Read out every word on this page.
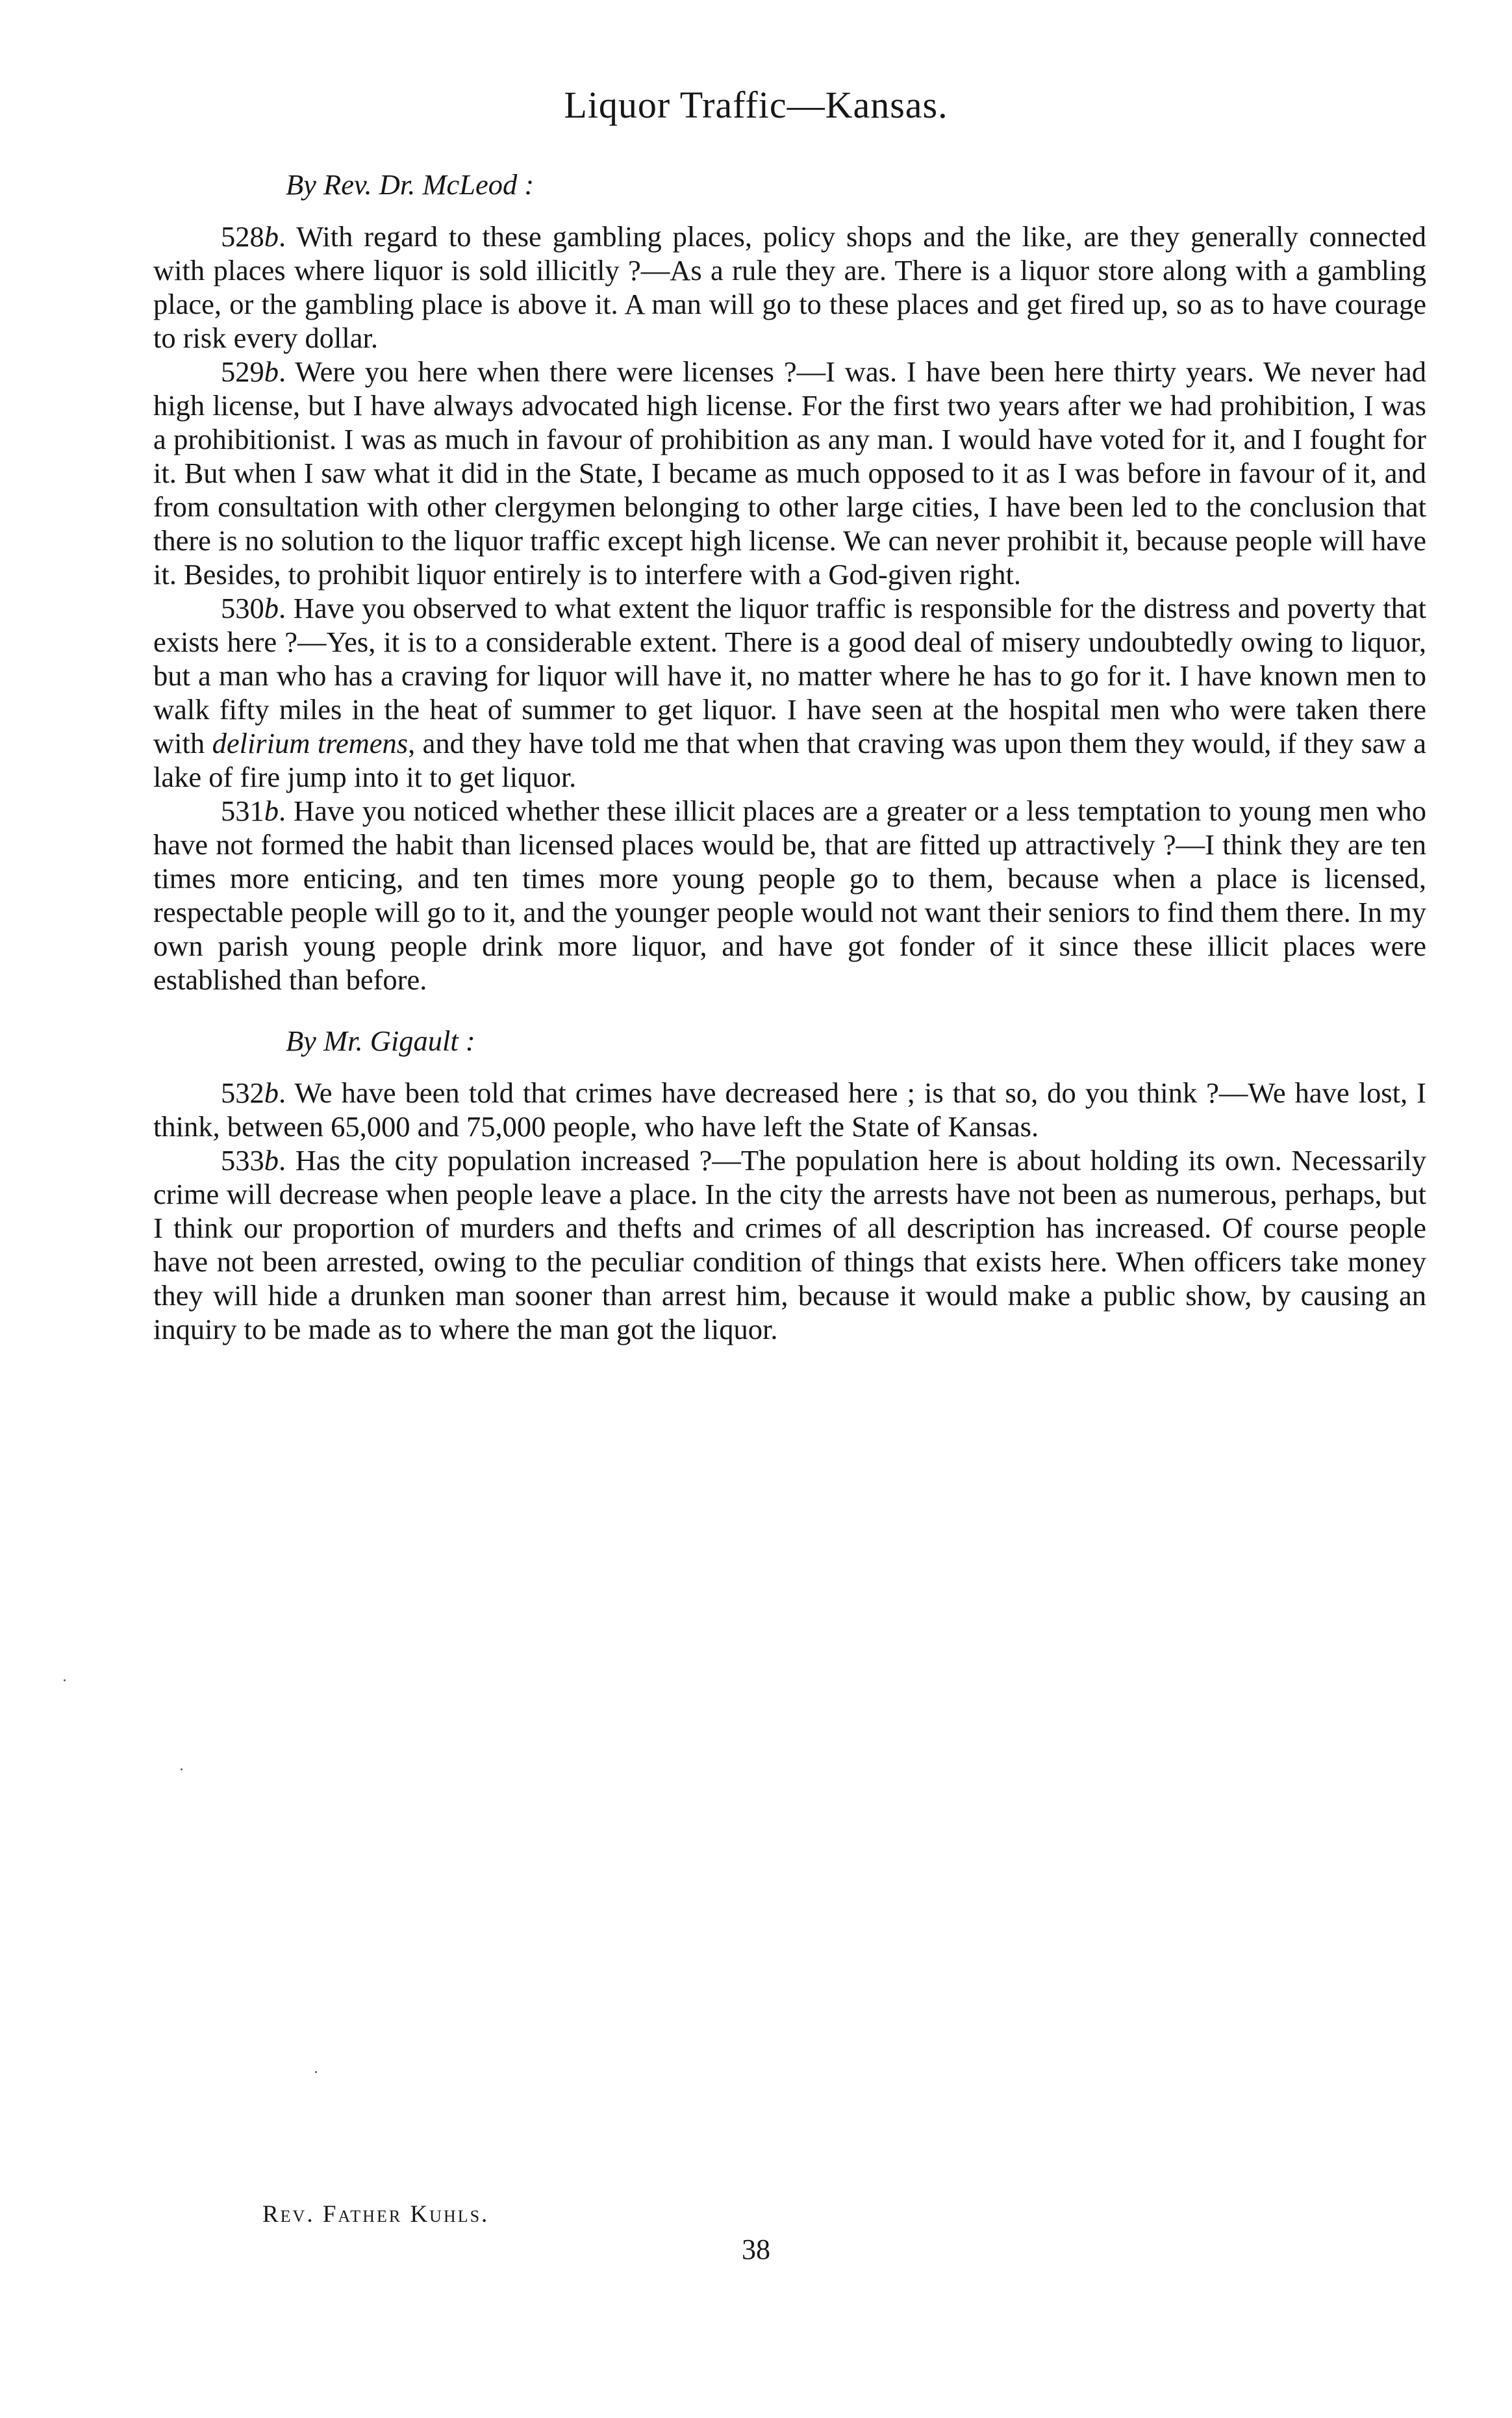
Liquor Traffic—Kansas.

By Rev. Dr. McLeod :

528b. With regard to these gambling places, policy shops and the like, are they generally connected with places where liquor is sold illicitly ?—As a rule they are. There is a liquor store along with a gambling place, or the gambling place is above it. A man will go to these places and get fired up, so as to have courage to risk every dollar.

529b. Were you here when there were licenses ?—I was. I have been here thirty years. We never had high license, but I have always advocated high license. For the first two years after we had prohibition, I was a prohibitionist. I was as much in favour of prohibition as any man. I would have voted for it, and I fought for it. But when I saw what it did in the State, I became as much opposed to it as I was before in favour of it, and from consultation with other clergymen belonging to other large cities, I have been led to the conclusion that there is no solution to the liquor traffic except high license. We can never prohibit it, because people will have it. Besides, to prohibit liquor entirely is to interfere with a God-given right.

530b. Have you observed to what extent the liquor traffic is responsible for the distress and poverty that exists here ?—Yes, it is to a considerable extent. There is a good deal of misery undoubtedly owing to liquor, but a man who has a craving for liquor will have it, no matter where he has to go for it. I have known men to walk fifty miles in the heat of summer to get liquor. I have seen at the hospital men who were taken there with delirium tremens, and they have told me that when that craving was upon them they would, if they saw a lake of fire jump into it to get liquor.

531b. Have you noticed whether these illicit places are a greater or a less temptation to young men who have not formed the habit than licensed places would be, that are fitted up attractively ?—I think they are ten times more enticing, and ten times more young people go to them, because when a place is licensed, respectable people will go to it, and the younger people would not want their seniors to find them there. In my own parish young people drink more liquor, and have got fonder of it since these illicit places were established than before.

By Mr. Gigault :

532b. We have been told that crimes have decreased here ; is that so, do you think ?—We have lost, I think, between 65,000 and 75,000 people, who have left the State of Kansas.

533b. Has the city population increased ?—The population here is about holding its own. Necessarily crime will decrease when people leave a place. In the city the arrests have not been as numerous, perhaps, but I think our proportion of murders and thefts and crimes of all description has increased. Of course people have not been arrested, owing to the peculiar condition of things that exists here. When officers take money they will hide a drunken man sooner than arrest him, because it would make a public show, by causing an inquiry to be made as to where the man got the liquor.

Rev. Father Kuhls.
38
